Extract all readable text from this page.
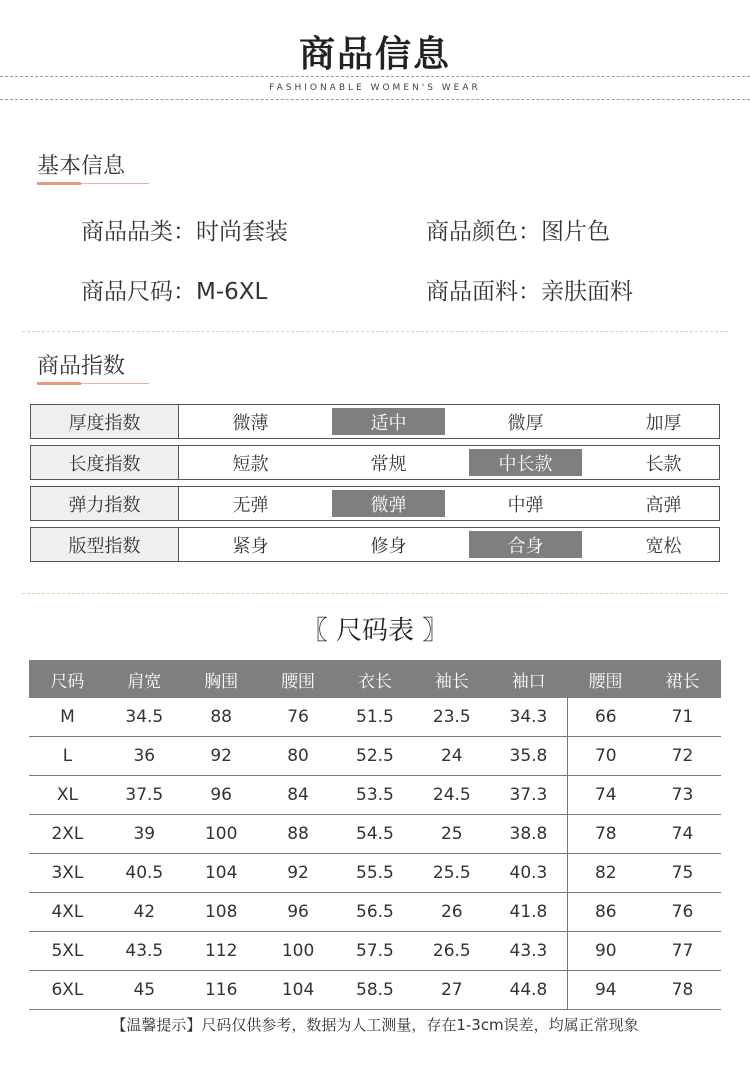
商品信息
FASHIONABLE WOMEN'S WEAR
基本信息
商品品类：时尚套装	商品颜色：图片色
商品尺码：M-6XL	商品面料：亲肤面料
商品指数
厚度指数	微薄	适中	微厚	加厚
长度指数	短款	常规	中长款	长款
弹力指数	无弹	微弹	中弹	高弹
版型指数	紧身	修身	合身	宽松
〖 尺码表 〗
尺码	肩宽	胸围	腰围	衣长	袖长	袖口	腰围	裙长
M	34.5	88	76	51.5	23.5	34.3	66	71
L	36	92	80	52.5	24	35.8	70	72
XL	37.5	96	84	53.5	24.5	37.3	74	73
2XL	39	100	88	54.5	25	38.8	78	74
3XL	40.5	104	92	55.5	25.5	40.3	82	75
4XL	42	108	96	56.5	26	41.8	86	76
5XL	43.5	112	100	57.5	26.5	43.3	90	77
6XL	45	116	104	58.5	27	44.8	94	78
【温馨提示】尺码仅供参考，数据为人工测量，存在1-3cm误差，均属正常现象
